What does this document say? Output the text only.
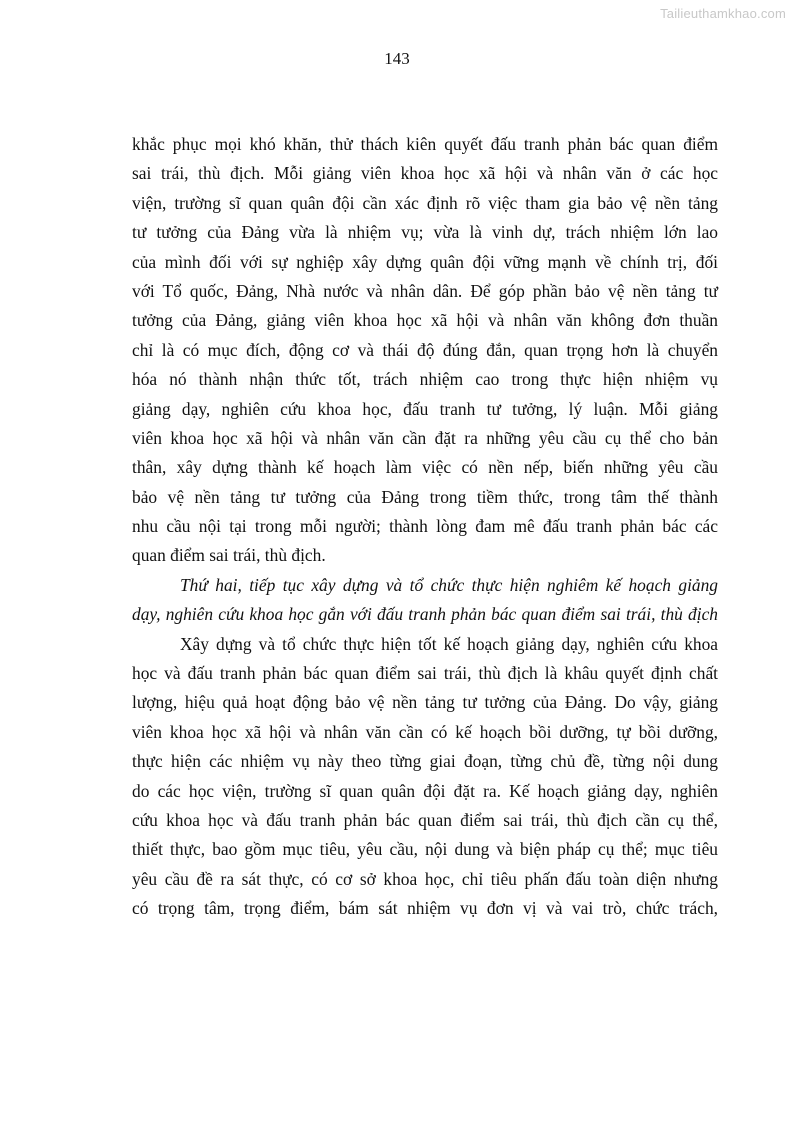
Tailieuthamkhao.com
143
khắc phục mọi khó khăn, thử thách kiên quyết đấu tranh phản bác quan điểm
sai trái, thù địch. Mỗi giảng viên khoa học xã hội và nhân văn ở các học
viện, trường sĩ quan quân đội cần xác định rõ việc tham gia bảo vệ nền tảng
tư tưởng của Đảng vừa là nhiệm vụ; vừa là vinh dự, trách nhiệm lớn lao
của mình đối với sự nghiệp xây dựng quân đội vững mạnh về chính trị, đối
với Tổ quốc, Đảng, Nhà nước và nhân dân. Để góp phần bảo vệ nền tảng tư
tưởng của Đảng, giảng viên khoa học xã hội và nhân văn không đơn thuần
chỉ là có mục đích, động cơ và thái độ đúng đắn, quan trọng hơn là chuyển
hóa nó thành nhận thức tốt, trách nhiệm cao trong thực hiện nhiệm vụ
giảng dạy, nghiên cứu khoa học, đấu tranh tư tưởng, lý luận. Mỗi giảng
viên khoa học xã hội và nhân văn cần đặt ra những yêu cầu cụ thể cho bản
thân, xây dựng thành kế hoạch làm việc có nền nếp, biến những yêu cầu
bảo vệ nền tảng tư tưởng của Đảng trong tiềm thức, trong tâm thế thành
nhu cầu nội tại trong mỗi người; thành lòng đam mê đấu tranh phản bác các
quan điểm sai trái, thù địch.
Thứ hai, tiếp tục xây dựng và tổ chức thực hiện nghiêm kế hoạch giảng
dạy, nghiên cứu khoa học gắn với đấu tranh phản bác quan điểm sai trái, thù địch
Xây dựng và tổ chức thực hiện tốt kế hoạch giảng dạy, nghiên cứu khoa
học và đấu tranh phản bác quan điểm sai trái, thù địch là khâu quyết định chất
lượng, hiệu quả hoạt động bảo vệ nền tảng tư tưởng của Đảng. Do vậy, giảng
viên khoa học xã hội và nhân văn cần có kế hoạch bồi dưỡng, tự bồi dưỡng,
thực hiện các nhiệm vụ này theo từng giai đoạn, từng chủ đề, từng nội dung
do các học viện, trường sĩ quan quân đội đặt ra. Kế hoạch giảng dạy, nghiên
cứu khoa học và đấu tranh phản bác quan điểm sai trái, thù địch cần cụ thể,
thiết thực, bao gồm mục tiêu, yêu cầu, nội dung và biện pháp cụ thể; mục tiêu
yêu cầu đề ra sát thực, có cơ sở khoa học, chỉ tiêu phấn đấu toàn diện nhưng
có trọng tâm, trọng điểm, bám sát nhiệm vụ đơn vị và vai trò, chức trách,
